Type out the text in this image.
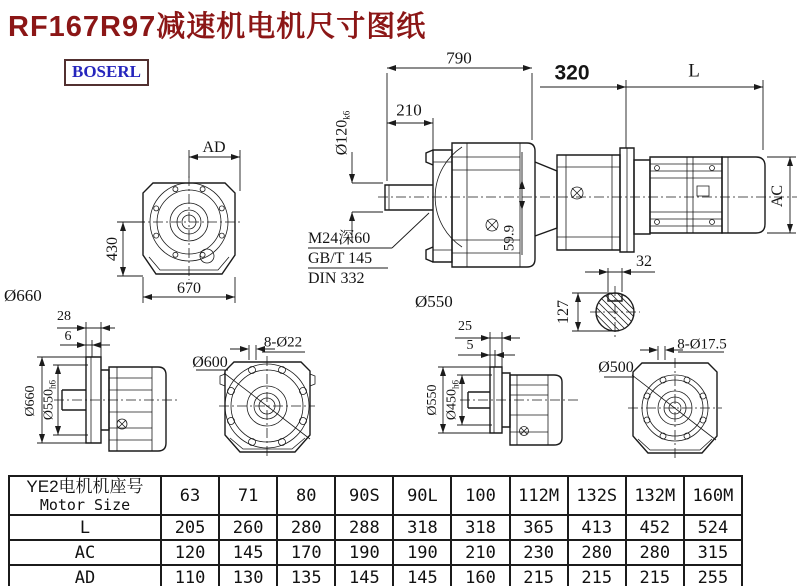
RF167R97减速机电机尺寸图纸
BOSERL
AD
430
670
790
210
$Ø120_{k6}$
M24深60
GB/T 145
DIN 332
59.9
320	L
AC
32
127
Ø660
28
6
Ø660 $Ø550_{h6}$
Ø600
8-Ø22
Ø550
25
5
Ø550 $Ø450_{h6}$
Ø500
8-Ø17.5
YE2电机机座号
Motor Size	63	71	80	90S	90L	100	112M	132S	132M	160M
L	205	260	280	288	318	318	365	413	452	524
AC	120	145	170	190	190	210	230	280	280	315
AD	110	130	135	145	145	160	215	215	215	255
